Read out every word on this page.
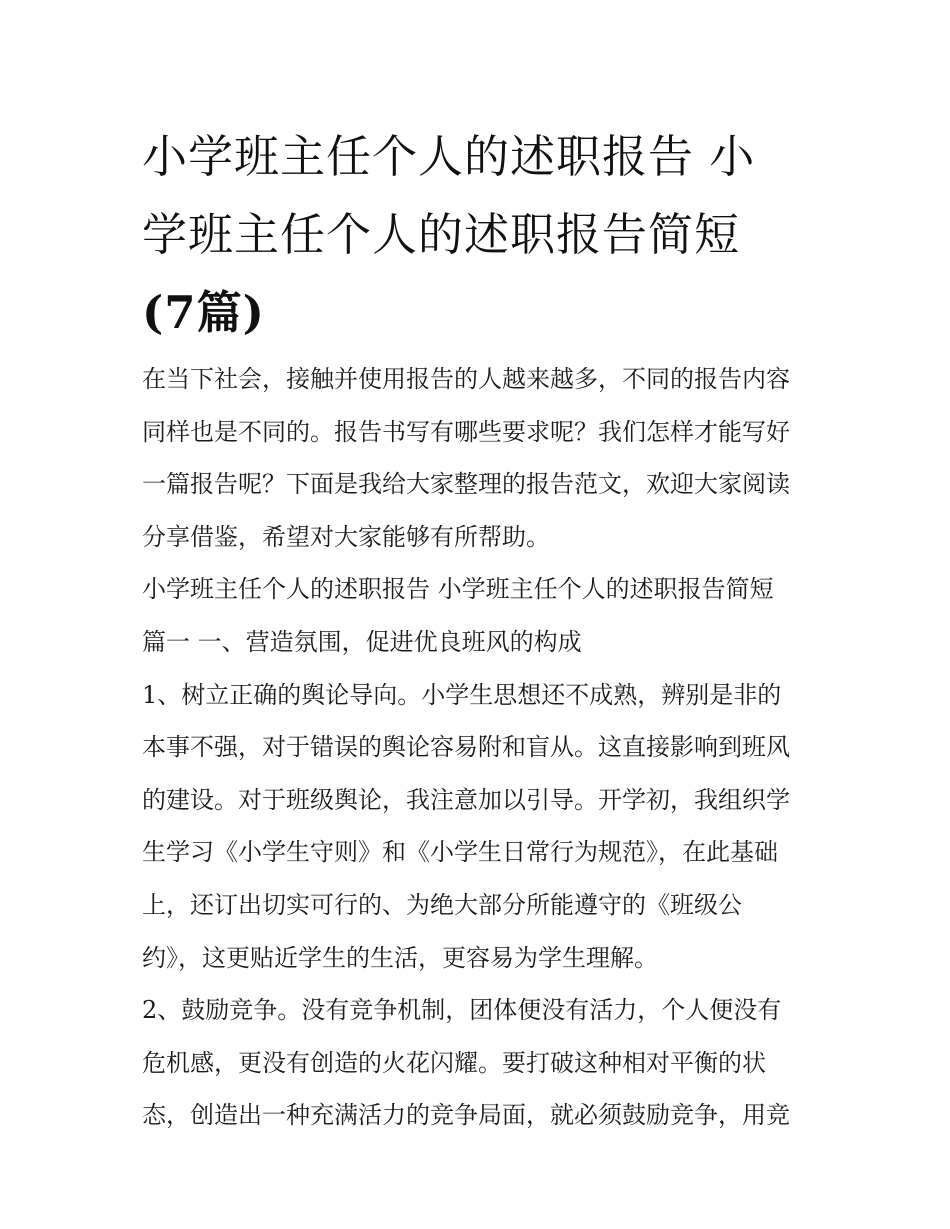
小学班主任个人的述职报告 小
学班主任个人的述职报告简短
(7篇)
在当下社会，接触并使用报告的人越来越多，不同的报告内容
同样也是不同的。报告书写有哪些要求呢？我们怎样才能写好
一篇报告呢？下面是我给大家整理的报告范文，欢迎大家阅读
分享借鉴，希望对大家能够有所帮助。
小学班主任个人的述职报告 小学班主任个人的述职报告简短
篇一 一、营造氛围，促进优良班风的构成
1、树立正确的舆论导向。小学生思想还不成熟，辨别是非的
本事不强，对于错误的舆论容易附和盲从。这直接影响到班风
的建设。对于班级舆论，我注意加以引导。开学初，我组织学
生学习《小学生守则》和《小学生日常行为规范》，在此基础
上，还订出切实可行的、为绝大部分所能遵守的《班级公
约》，这更贴近学生的生活，更容易为学生理解。
2、鼓励竞争。没有竞争机制，团体便没有活力，个人便没有
危机感，更没有创造的火花闪耀。要打破这种相对平衡的状
态，创造出一种充满活力的竞争局面，就必须鼓励竞争，用竞
